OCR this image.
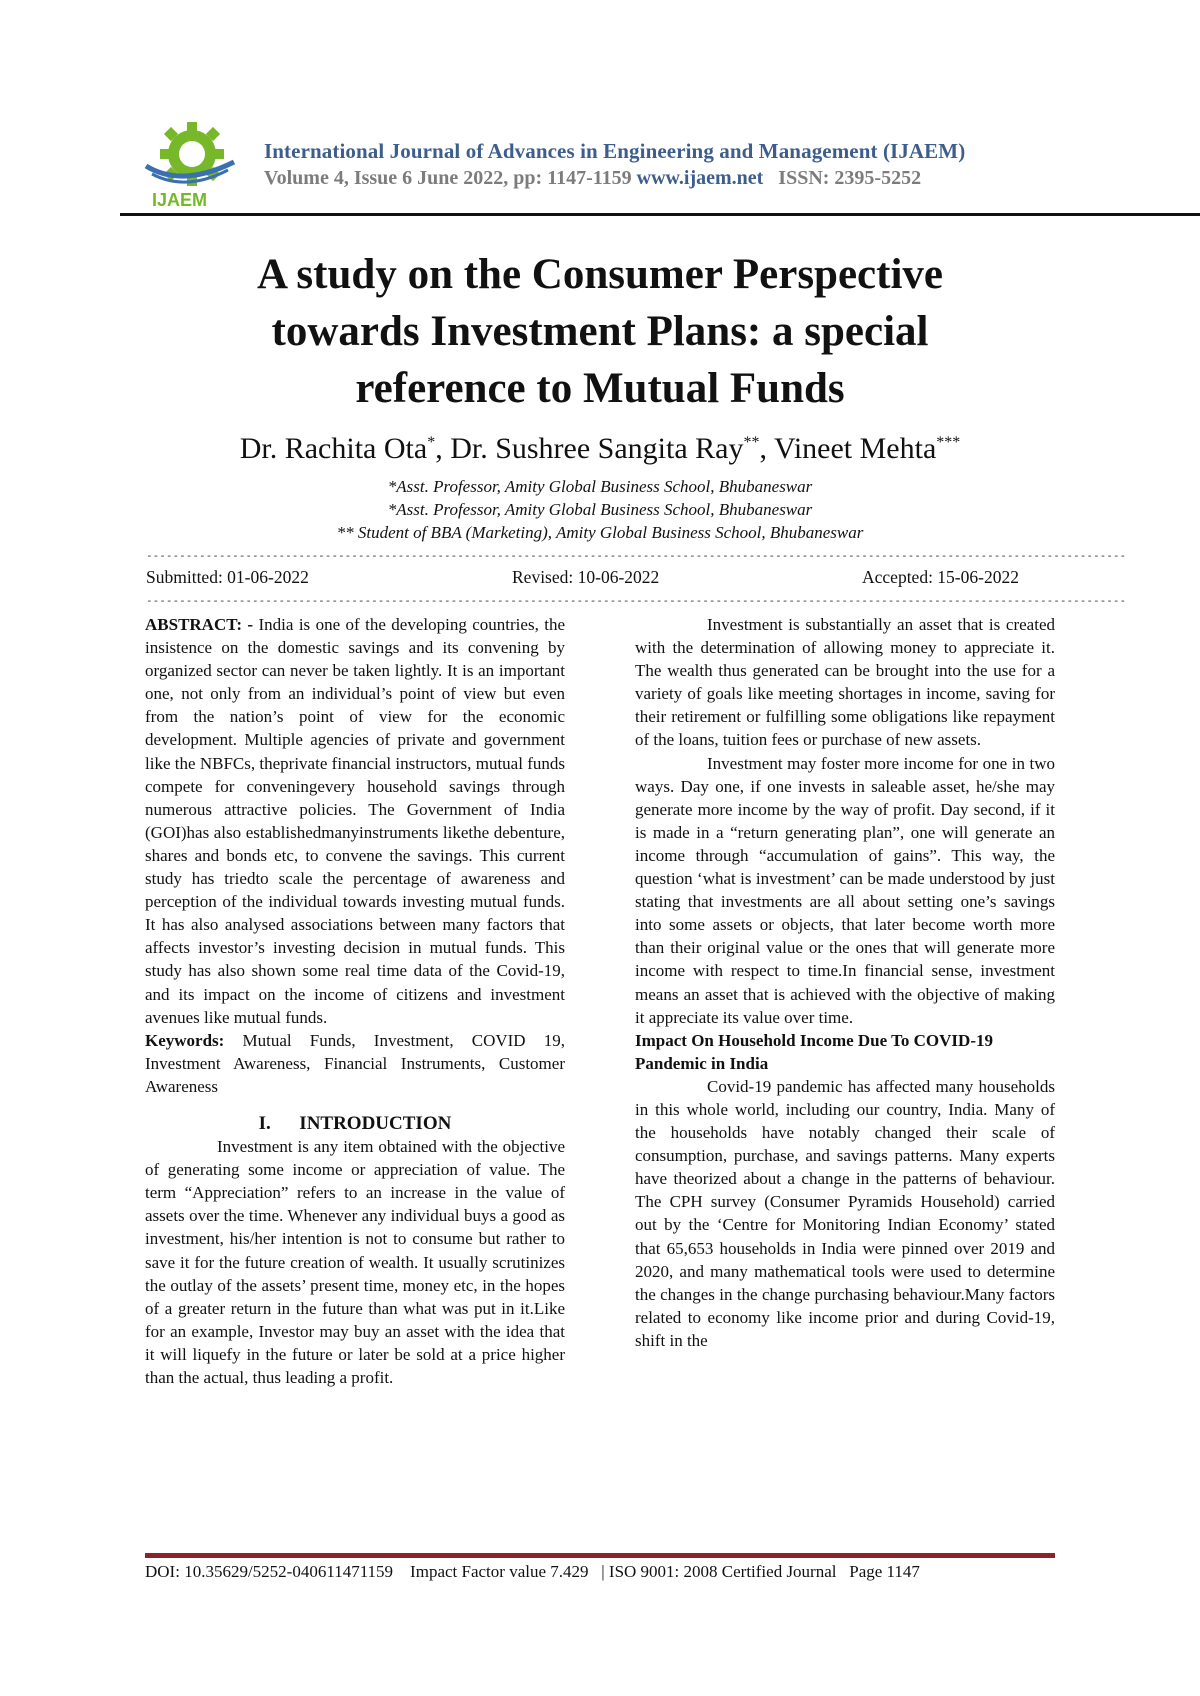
IJAEM
International Journal of Advances in Engineering and Management (IJAEM)
Volume 4, Issue 6 June 2022, pp: 1147-1159 www.ijaem.net ISSN: 2395-5252
A study on the Consumer Perspective
towards Investment Plans: a special
reference to Mutual Funds
Dr. Rachita Ota*, Dr. Sushree Sangita Ray**, Vineet Mehta***
*Asst. Professor, Amity Global Business School, Bhubaneswar
*Asst. Professor, Amity Global Business School, Bhubaneswar
** Student of BBA (Marketing), Amity Global Business School, Bhubaneswar
----------------------------------------------------------------------------------------------------------------------------------------------------
Submitted: 01-06-2022	Revised: 10-06-2022	Accepted: 15-06-2022
----------------------------------------------------------------------------------------------------------------------------------------------------

ABSTRACT: - India is one of the developing countries, the insistence on the domestic savings and its convening by organized sector can never be taken lightly. It is an important one, not only from an individual’s point of view but even from the nation’s point of view for the economic development. Multiple agencies of private and government like the NBFCs, theprivate financial instructors, mutual funds compete for conveningevery household savings through numerous attractive policies. The Government of India (GOI)has also establishedmanyinstruments likethe debenture, shares and bonds etc, to convene the savings. This current study has triedto scale the percentage of awareness and perception of the individual towards investing mutual funds. It has also analysed associations between many factors that affects investor’s investing decision in mutual funds. This study has also shown some real time data of the Covid-19, and its impact on the income of citizens and investment avenues like mutual funds.

Keywords: Mutual Funds, Investment, COVID 19, Investment Awareness, Financial Instruments, Customer Awareness

I.      INTRODUCTION

Investment is any item obtained with the objective of generating some income or appreciation of value. The term “Appreciation” refers to an increase in the value of assets over the time. Whenever any individual buys a good as investment, his/her intention is not to consume but rather to save it for the future creation of wealth. It usually scrutinizes the outlay of the assets’ present time, money etc, in the hopes of a greater return in the future than what was put in it.Like for an example, Investor may buy an asset with the idea that it will liquefy in the future or later be sold at a price higher than the actual, thus leading a profit.

Investment is substantially an asset that is created with the determination of allowing money to appreciate it. The wealth thus generated can be brought into the use for a variety of goals like meeting shortages in income, saving for their retirement or fulfilling some obligations like repayment of the loans, tuition fees or purchase of new assets.

Investment may foster more income for one in two ways. Day one, if one invests in saleable asset, he/she may generate more income by the way of profit. Day second, if it is made in a “return generating plan”, one will generate an income through “accumulation of gains”. This way, the question ‘what is investment’ can be made understood by just stating that investments are all about setting one’s savings into some assets or objects, that later become worth more than their original value or the ones that will generate more income with respect to time.In financial sense, investment means an asset that is achieved with the objective of making it appreciate its value over time.

Impact On Household Income Due To COVID-19 Pandemic in India

Covid-19 pandemic has affected many households in this whole world, including our country, India. Many of the households have notably changed their scale of consumption, purchase, and savings patterns. Many experts have theorized about a change in the patterns of behaviour. The CPH survey (Consumer Pyramids Household) carried out by the ‘Centre for Monitoring Indian Economy’ stated that 65,653 households in India were pinned over 2019 and 2020, and many mathematical tools were used to determine the changes in the change purchasing behaviour.Many factors related to economy like income prior and during Covid-19, shift in the

DOI: 10.35629/5252-040611471159    Impact Factor value 7.429   | ISO 9001: 2008 Certified Journal   Page 1147
